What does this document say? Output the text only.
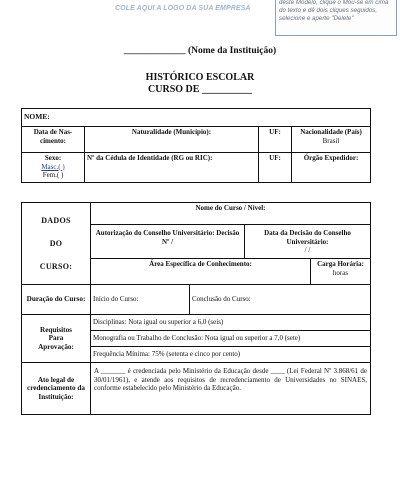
COLE AQUI A LOGO DA SUA EMPRESA
deste Modelo, clique o Mou-se em cima do texto e dê dois cliques seguidos, selecione e aperte "Delete"
_____________ (Nome da Instituição)
HISTÓRICO ESCOLAR
CURSO DE __________
NOME:			
Data de Nas-cimento:	Naturalidade (Município):	UF:	Nacionalidade (País)
Brasil

Sexo:
Masc.( )
Fem.( )	Nº da Cédula de Identidade (RG ou RIC):	UF:	Órgão Expedidor:
DADOS
DO
CURSO:	Nome do Curso / Nível:			
	Autorização do Conselho Universitário: Decisão Nº /		Data da Decisão do Conselho Universitário:
/ /	

	Área Específica de Conhecimento:			Carga Horária:
horas

Duração do Curso:	Início do Curso:	Conclusão do Curso:		

Requisitos
Para
Aprovação:	Disciplinas: Nota igual ou superior a 6,0 (seis)			
	Monografia ou Trabalho de Conclusão: Nota igual ou superior a 7,0 (sete)			
	Frequência Mínima: 75% (setenta e cinco por cento)			
Ato legal de credenciamento da Instituição:	A _______ é credenciada pelo Ministério da Educação desde ____ (Lei Federal Nº 3.868/61 de 30/01/1961), e atende aos requisitos de recredenciamento de Universidades no SINAES, conforme estabelecido pelo Ministério da Educação.			
